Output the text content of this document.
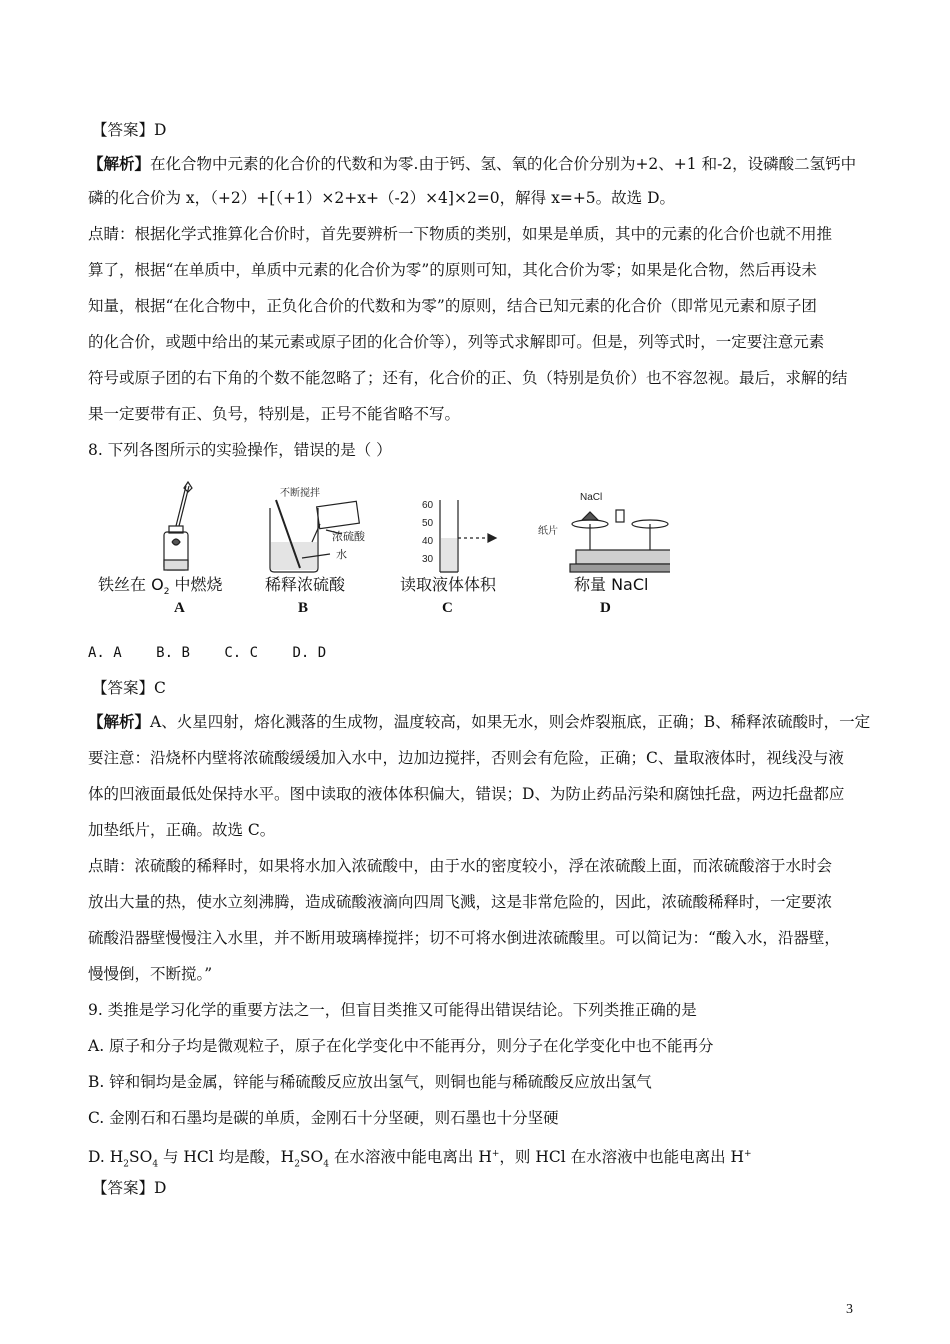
【答案】D
【解析】在化合物中元素的化合价的代数和为零.由于钙、氢、氧的化合价分别为+2、+1 和-2，设磷酸二氢钙中
磷的化合价为 x，（+2）+[（+1）×2+x+（-2）×4]×2=0，解得 x=+5。故选 D。
点睛：根据化学式推算化合价时，首先要辨析一下物质的类别，如果是单质，其中的元素的化合价也就不用推
算了，根据“在单质中，单质中元素的化合价为零”的原则可知，其化合价为零；如果是化合物，然后再设未
知量，根据“在化合物中，正负化合价的代数和为零”的原则，结合已知元素的化合价（即常见元素和原子团
的化合价，或题中给出的某元素或原子团的化合价等），列等式求解即可。但是，列等式时，一定要注意元素
符号或原子团的右下角的个数不能忽略了；还有，化合价的正、负（特别是负价）也不容忽视。最后，求解的结
果一定要带有正、负号，特别是，正号不能省略不写。
8. 下列各图所示的实验操作，错误的是（ ）
不断搅拌
浓硫酸
水
60
50
40
30
NaCl
纸片
铁丝在 $O_2$ 中燃烧	稀释浓硫酸	读取液体体积	称量 NaCl
A	B	C	D
A. A B. B C. C D. D
【答案】C
【解析】A、火星四射，熔化溅落的生成物，温度较高，如果无水，则会炸裂瓶底，正确；B、稀释浓硫酸时，一定
要注意：沿烧杯内壁将浓硫酸缓缓加入水中，边加边搅拌，否则会有危险，正确；C、量取液体时，视线没与液
体的凹液面最低处保持水平。图中读取的液体体积偏大，错误；D、为防止药品污染和腐蚀托盘，两边托盘都应
加垫纸片，正确。故选 C。
点睛：浓硫酸的稀释时，如果将水加入浓硫酸中，由于水的密度较小，浮在浓硫酸上面，而浓硫酸溶于水时会
放出大量的热，使水立刻沸腾，造成硫酸液滴向四周飞溅，这是非常危险的，因此，浓硫酸稀释时，一定要浓
硫酸沿器壁慢慢注入水里，并不断用玻璃棒搅拌；切不可将水倒进浓硫酸里。可以简记为：“酸入水，沿器壁，
慢慢倒，不断搅。”
9. 类推是学习化学的重要方法之一，但盲目类推又可能得出错误结论。下列类推正确的是
A. 原子和分子均是微观粒子，原子在化学变化中不能再分，则分子在化学变化中也不能再分
B. 锌和铜均是金属，锌能与稀硫酸反应放出氢气，则铜也能与稀硫酸反应放出氢气
C. 金刚石和石墨均是碳的单质，金刚石十分坚硬，则石墨也十分坚硬
D. $H_2SO_4$ 与 HCl 均是酸，$H_2SO_4$ 在水溶液中能电离出 H+，则 HCl 在水溶液中也能电离出 H+
【答案】D
3
